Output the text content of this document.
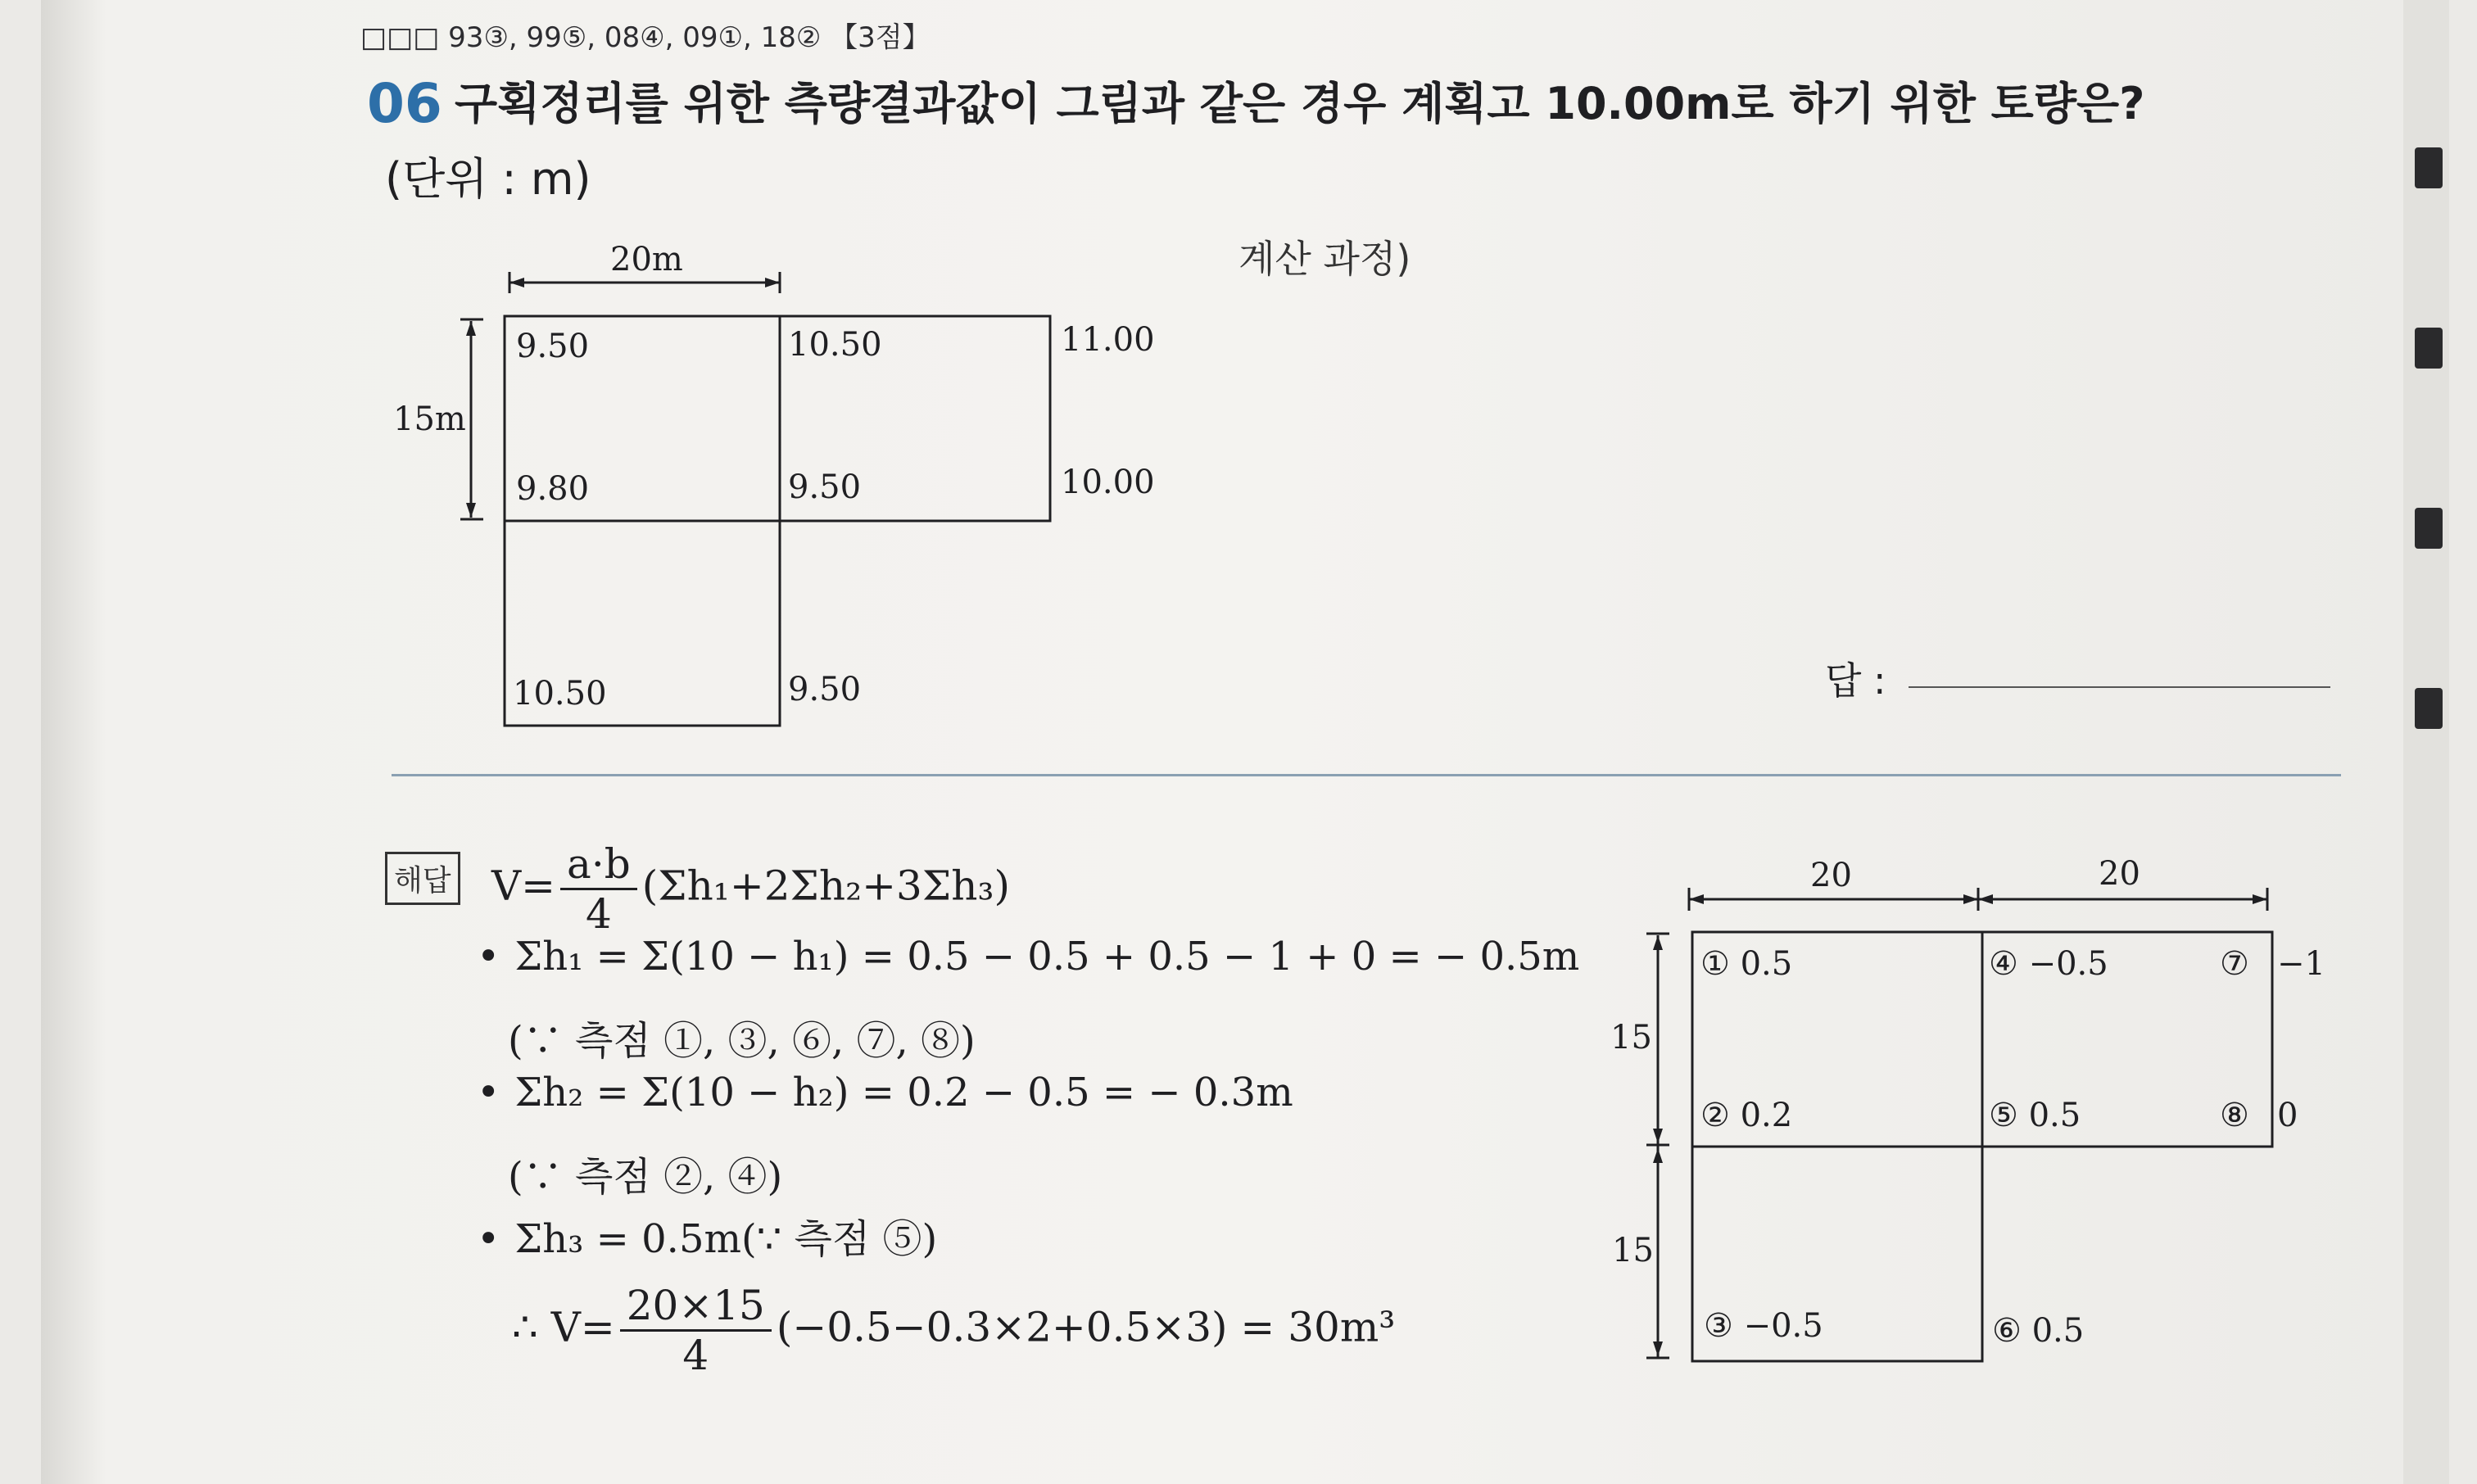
□□□ 93③, 99⑤, 08④, 09①, 18② 【3점】
06 구획정리를 위한 측량결과값이 그림과 같은 경우 계획고 10.00m로 하기 위한 토량은?
(단위 : m)
계산 과정)
답 :
20m
15m
9.50	10.50	11.00
9.80	9.50	10.00
10.50	9.50
20	20
15
15
① 0.5	④ −0.5	⑦ −1
② 0.2	⑤ 0.5	⑧ 0
③ −0.5	⑥ 0.5
해답 $V= \frac{a\cdot b}{4} (\Sigma h_1+2\Sigma h_2+3\Sigma h_3)$
• Σh₁ = Σ(10 − h₁) = 0.5 − 0.5 + 0.5 − 1 + 0 = − 0.5m
(∵ 측점 ①, ③, ⑥, ⑦, ⑧)
• Σh₂ = Σ(10 − h₂) = 0.2 − 0.5 = − 0.3m
(∵ 측점 ②, ④)
• Σh₃ = 0.5m(∵ 측점 ⑤)
∴ $V= \frac{20\times 15}{4} (-0.5-0.3\times 2+0.5\times 3) = 30m^3$
